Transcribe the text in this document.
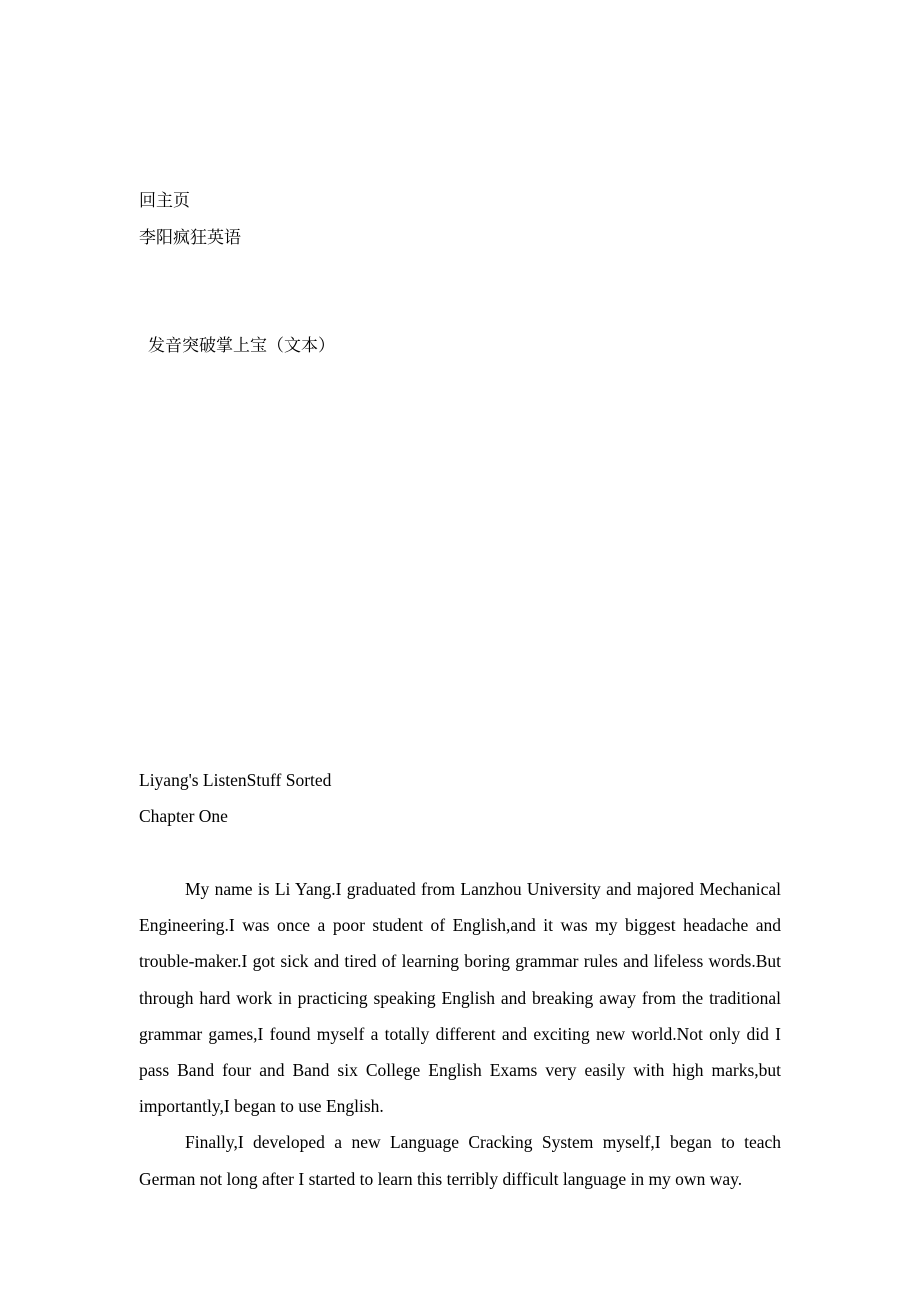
回主页
李阳疯狂英语
发音突破掌上宝（文本）
Liyang's ListenStuff Sorted
Chapter One

My name is Li Yang.I graduated from Lanzhou University and majored Mechanical Engineering.I was once a poor student of English,and it was my biggest headache and trouble-maker.I got sick and tired of learning boring grammar rules and lifeless words.But through hard work in practicing speaking English and breaking away from the traditional grammar games,I found myself a totally different and exciting new world.Not only did I pass Band four and Band six College English Exams very easily with high marks,but importantly,I began to use English.

Finally,I developed a new Language Cracking System myself,I began to teach German not long after I started to learn this terribly difficult language in my own way.
